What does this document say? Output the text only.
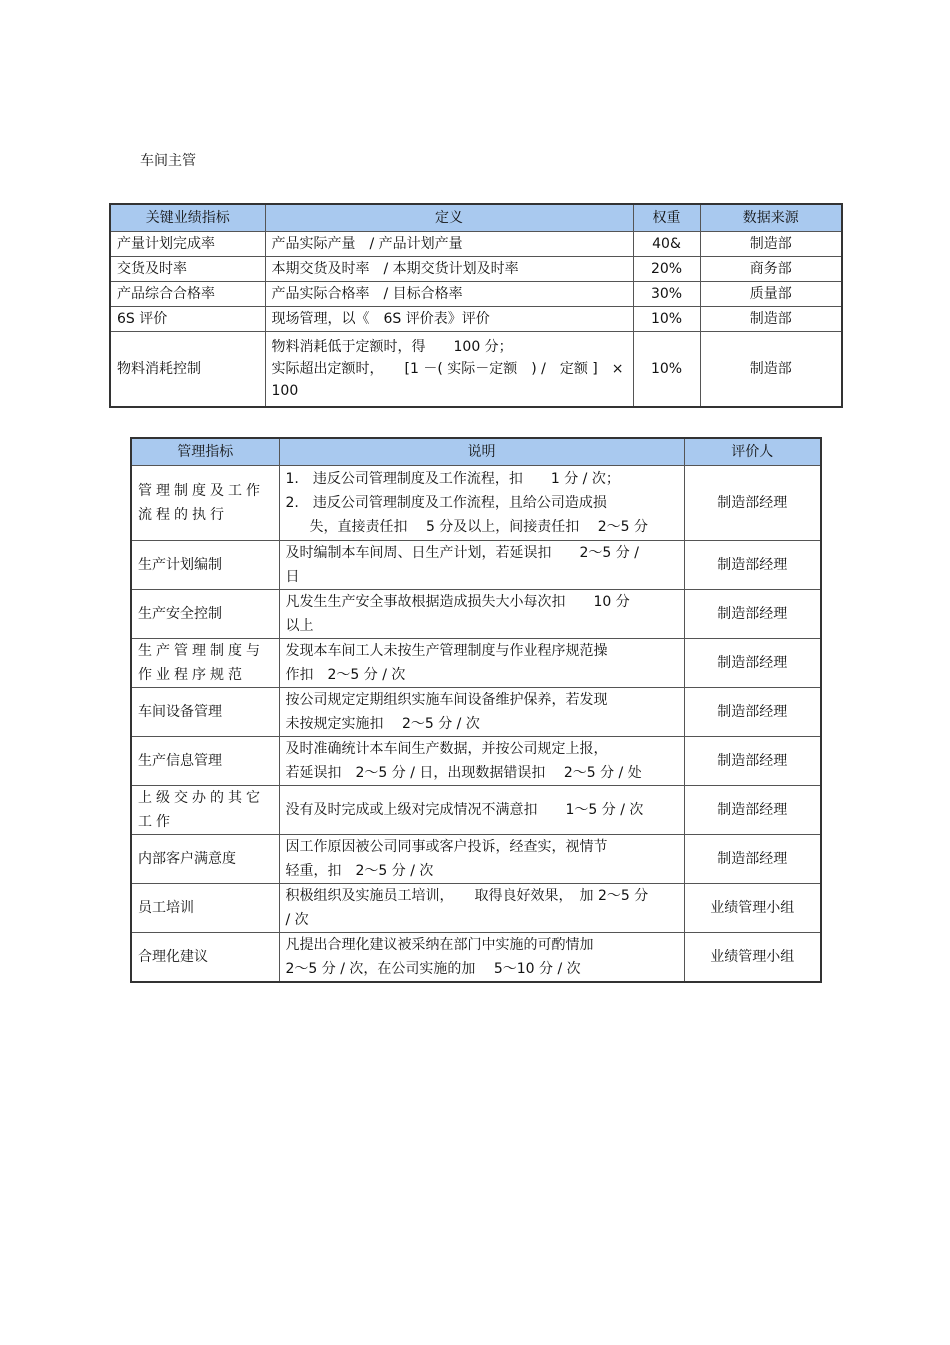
车间主管
关键业绩指标	定义	权重	数据来源
产量计划完成率	产品实际产量　/ 产品计划产量	40&	制造部
交货及时率	本期交货及时率　/ 本期交货计划及时率	20%	商务部
产品综合合格率	产品实际合格率　/ 目标合格率	30%	质量部
6S 评价	现场管理，以《　6S 评价表》评价	10%	制造部
物料消耗控制	物料消耗低于定额时，得　　100 分；
实际超出定额时，　　[1 －( 实际－定额　) /　定额 ]　×
100	10%	制造部
管理指标	说明	评价人
管理制度及工作流程的执行	1.　违反公司管理制度及工作流程，扣　　1 分 / 次；
2.　违反公司管理制度及工作流程，且给公司造成损
失，直接责任扣　 5 分及以上，间接责任扣　 2～5 分	制造部经理
生产计划编制	及时编制本车间周、日生产计划，若延误扣　　2～5 分 /
日	制造部经理
生产安全控制	凡发生生产安全事故根据造成损失大小每次扣　　10 分
以上	制造部经理
生产管理制度与作业程序规范	发现本车间工人未按生产管理制度与作业程序规范操
作扣　2～5 分 / 次	制造部经理
车间设备管理	按公司规定定期组织实施车间设备维护保养，若发现
未按规定实施扣　 2～5 分 / 次	制造部经理
生产信息管理	及时准确统计本车间生产数据，并按公司规定上报，
若延误扣　2～5 分 / 日，出现数据错误扣　 2～5 分 / 处	制造部经理
上级交办的其它工作	没有及时完成或上级对完成情况不满意扣　　1～5 分 / 次	制造部经理
内部客户满意度	因工作原因被公司同事或客户投诉，经查实，视情节
轻重，扣　2～5 分 / 次	制造部经理
员工培训	积极组织及实施员工培训，　　取得良好效果，　加 2～5 分
/ 次	业绩管理小组
合理化建议	凡提出合理化建议被采纳在部门中实施的可酌情加
2～5 分 / 次，在公司实施的加　 5～10 分 / 次	业绩管理小组
